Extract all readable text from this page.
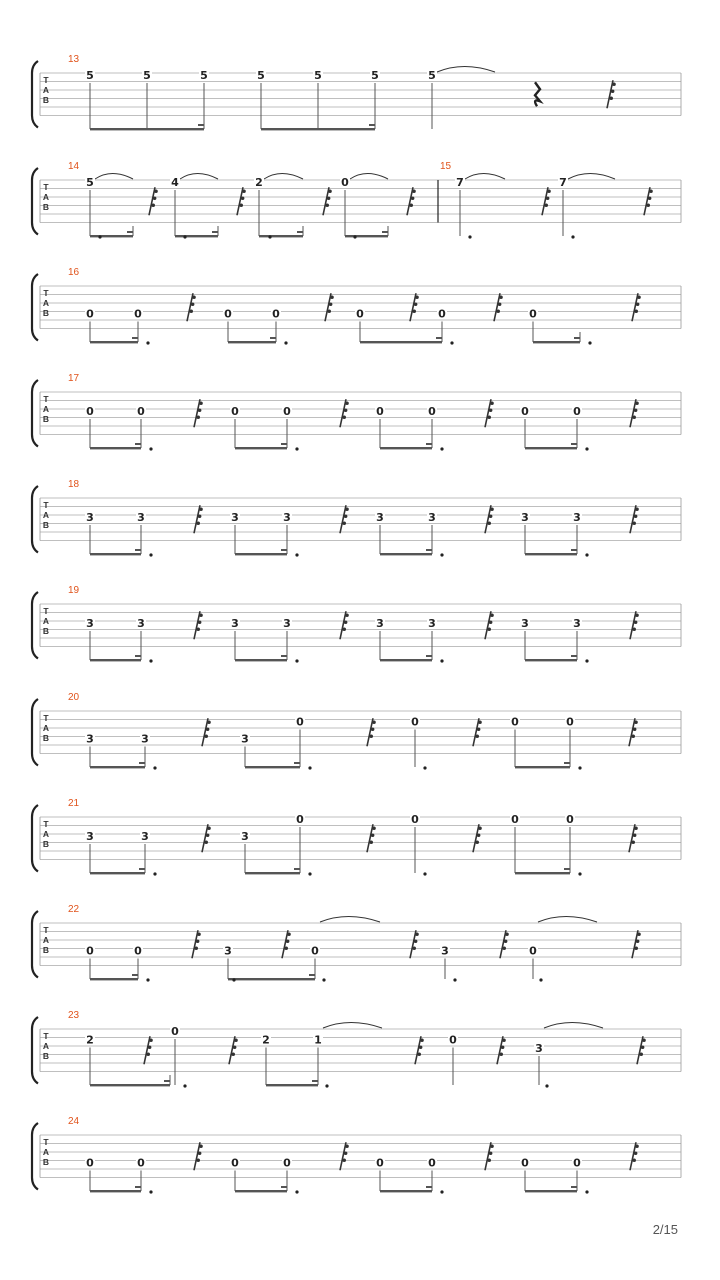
T
A
B
13
5	5	5	5	5	5	5
T
A
B
14	15
5	4	2	0	7	7
T
A
B
16
0	0	0	0	0	0	0
T
A
B
17
0	0	0	0	0	0	0	0
T
A
B
18
3	3	3	3	3	3	3	3
T
A
B
19
3	3	3	3	3	3	3	3
T
A
B
20
3	3	3
0	0	0	0
T
A
B
21
3	3	3
0	0	0	0
T
A
B
22
0	0	3	0	3	0
T
A
B
23
2
0
2	1	0
3
T
A
B
24
0	0	0	0	0	0	0	0
2/15
